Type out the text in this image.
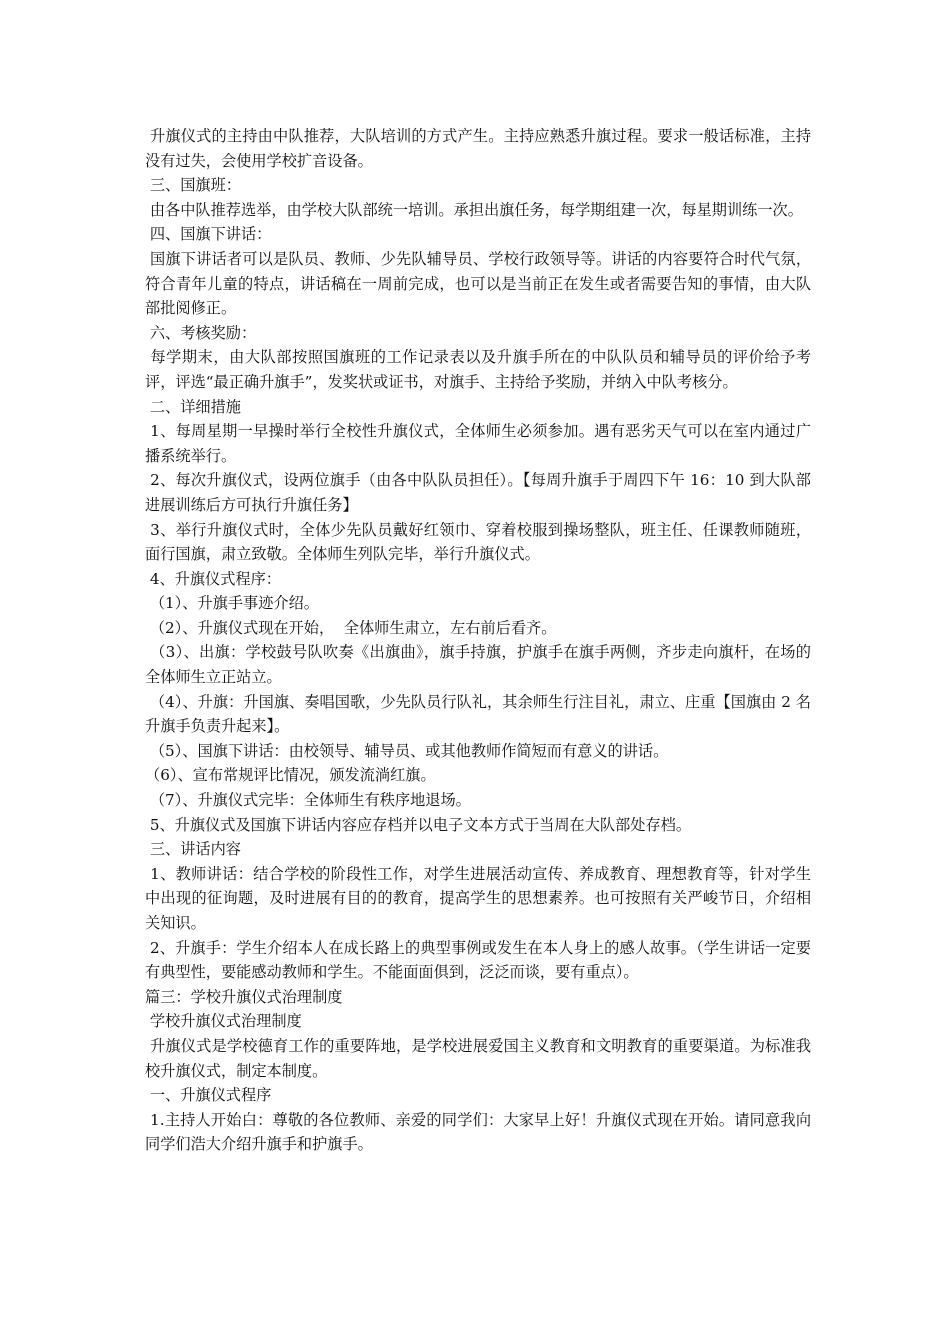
升旗仪式的主持由中队推荐，大队培训的方式产生。主持应熟悉升旗过程。要求一般话标准，主持没有过失，会使用学校扩音设备。

三、国旗班：

由各中队推荐选举，由学校大队部统一培训。承担出旗任务，每学期组建一次，每星期训练一次。

四、国旗下讲话：

国旗下讲话者可以是队员、教师、少先队辅导员、学校行政领导等。讲话的内容要符合时代气氛，符合青年儿童的特点，讲话稿在一周前完成，也可以是当前正在发生或者需要告知的事情，由大队部批阅修正。

六、考核奖励：

每学期末，由大队部按照国旗班的工作记录表以及升旗手所在的中队队员和辅导员的评价给予考评，评选“最正确升旗手”，发奖状或证书，对旗手、主持给予奖励，并纳入中队考核分。

二、详细措施

1、每周星期一早操时举行全校性升旗仪式，全体师生必须参加。遇有恶劣天气可以在室内通过广播系统举行。

2、每次升旗仪式，设两位旗手（由各中队队员担任）。【每周升旗手于周四下午 16：10 到大队部进展训练后方可执行升旗任务】

3、举行升旗仪式时，全体少先队员戴好红领巾、穿着校服到操场整队，班主任、任课教师随班，面行国旗，肃立致敬。全体师生列队完毕，举行升旗仪式。

4、升旗仪式程序：

（1）、升旗手事迹介绍。

（2）、升旗仪式现在开始，  全体师生肃立，左右前后看齐。

（3）、出旗：学校鼓号队吹奏《出旗曲》，旗手持旗，护旗手在旗手两侧，齐步走向旗杆，在场的全体师生立正站立。

（4）、升旗：升国旗、奏唱国歌，少先队员行队礼，其余师生行注目礼，肃立、庄重【国旗由 2 名升旗手负责升起来】。

（5）、国旗下讲话：由校领导、辅导员、或其他教师作简短而有意义的讲话。

（6）、宣布常规评比情况，颁发流淌红旗。

（7）、升旗仪式完毕：全体师生有秩序地退场。

5、升旗仪式及国旗下讲话内容应存档并以电子文本方式于当周在大队部处存档。

三、讲话内容

1、教师讲话：结合学校的阶段性工作，对学生进展活动宣传、养成教育、理想教育等，针对学生中出现的征询题，及时进展有目的的教育，提高学生的思想素养。也可按照有关严峻节日，介绍相关知识。

2、升旗手：学生介绍本人在成长路上的典型事例或发生在本人身上的感人故事。（学生讲话一定要有典型性，要能感动教师和学生。不能面面俱到，泛泛而谈，要有重点）。

篇三：学校升旗仪式治理制度

学校升旗仪式治理制度

升旗仪式是学校德育工作的重要阵地，是学校进展爱国主义教育和文明教育的重要渠道。为标准我校升旗仪式，制定本制度。

一、升旗仪式程序

1.主持人开始白：尊敬的各位教师、亲爱的同学们：大家早上好！升旗仪式现在开始。请同意我向同学们浩大介绍升旗手和护旗手。
